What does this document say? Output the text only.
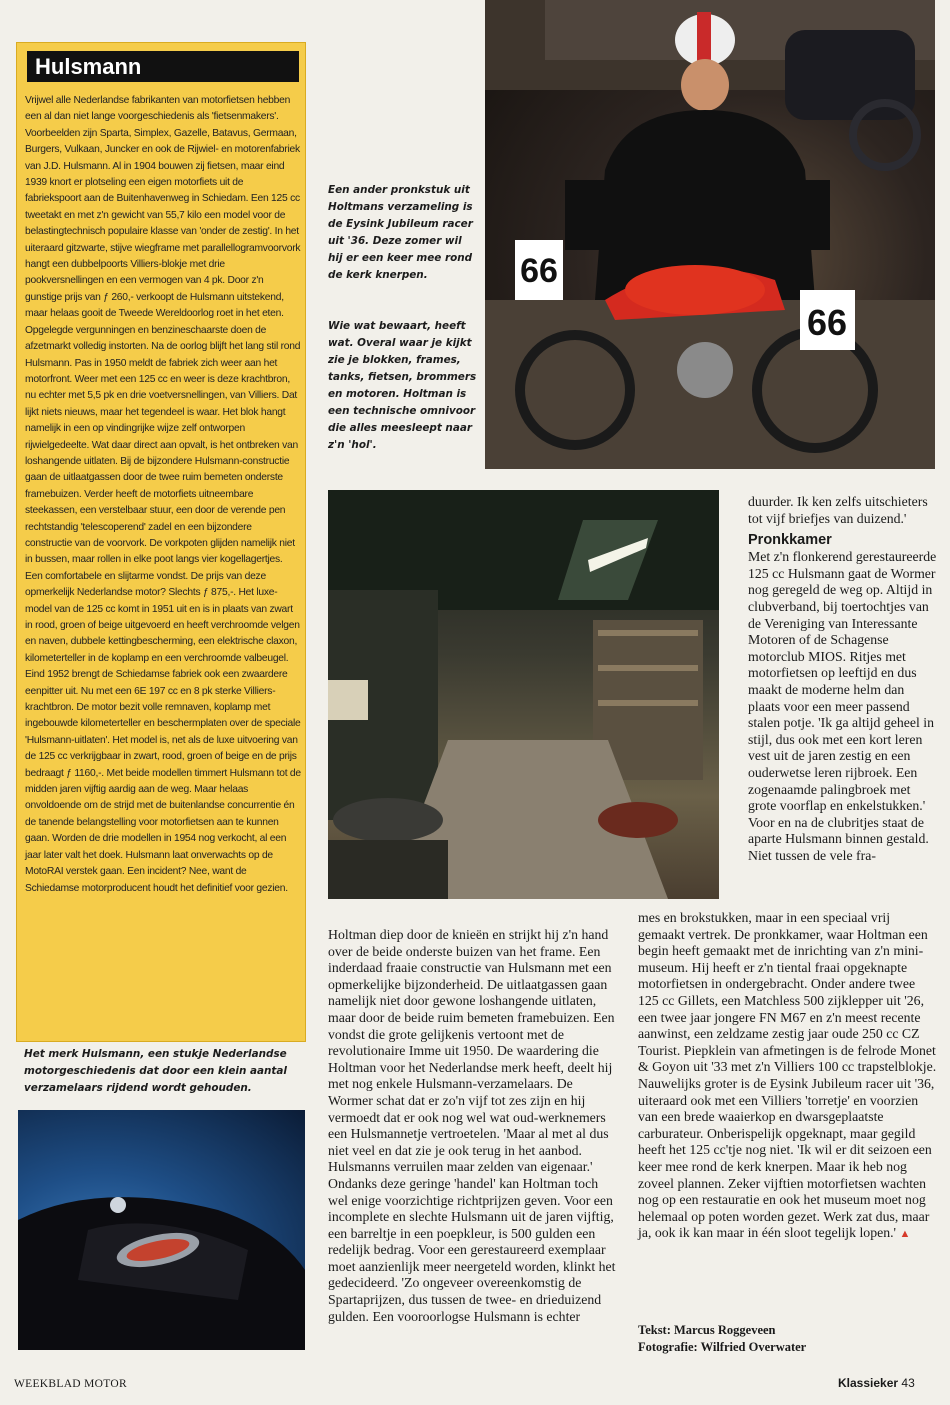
Hulsmann
Vrijwel alle Nederlandse fabrikanten van motorfietsen hebben een al dan niet lange voorgeschiedenis als 'fietsenmakers'. Voorbeelden zijn Sparta, Simplex, Gazelle, Batavus, Germaan, Burgers, Vulkaan, Juncker en ook de Rijwiel- en motorenfabriek van J.D. Hulsmann. Al in 1904 bouwen zij fietsen, maar eind 1939 knort er plotseling een eigen motorfiets uit de fabriekspoort aan de Buitenhavenweg in Schiedam. Een 125 cc tweetakt en met z'n gewicht van 55,7 kilo een model voor de belastingtechnisch populaire klasse van 'onder de zestig'. In het uiteraard gitzwarte, stijve wiegframe met parallellogramvoorvork hangt een dubbelpoorts Villiers-blokje met drie pookversnellingen en een vermogen van 4 pk. Door z'n gunstige prijs van ƒ 260,- verkoopt de Hulsmann uitstekend, maar helaas gooit de Tweede Wereldoorlog roet in het eten. Opgelegde vergunningen en benzineschaarste doen de afzetmarkt volledig instorten. Na de oorlog blijft het lang stil rond Hulsmann. Pas in 1950 meldt de fabriek zich weer aan het motorfront. Weer met een 125 cc en weer is deze krachtbron, nu echter met 5,5 pk en drie voetversnellingen, van Villiers. Dat lijkt niets nieuws, maar het tegendeel is waar. Het blok hangt namelijk in een op vindingrijke wijze zelf ontworpen rijwielgedeelte. Wat daar direct aan opvalt, is het ontbreken van loshangende uitlaten. Bij de bijzondere Hulsmann-constructie gaan de uitlaatgassen door de twee ruim bemeten onderste framebuizen. Verder heeft de motorfiets uitneembare steekassen, een verstelbaar stuur, een door de verende pen rechtstandig 'telescoperend' zadel en een bijzondere constructie van de voorvork. De vorkpoten glijden namelijk niet in bussen, maar rollen in elke poot langs vier kogellagertjes. Een comfortabele en slijtarme vondst. De prijs van deze opmerkelijk Nederlandse motor? Slechts ƒ 875,-. Het luxe-model van de 125 cc komt in 1951 uit en is in plaats van zwart in rood, groen of beige uitgevoerd en heeft verchroomde velgen en naven, dubbele kettingbescherming, een elektrische claxon, kilometerteller in de koplamp en een verchroomde valbeugel. Eind 1952 brengt de Schiedamse fabriek ook een zwaardere eenpitter uit. Nu met een 6E 197 cc en 8 pk sterke Villiers-krachtbron. De motor bezit volle remnaven, koplamp met ingebouwde kilometerteller en beschermplaten over de speciale 'Hulsmann-uitlaten'. Het model is, net als de luxe uitvoering van de 125 cc verkrijgbaar in zwart, rood, groen of beige en de prijs bedraagt ƒ 1160,-. Met beide modellen timmert Hulsmann tot de midden jaren vijftig aardig aan de weg. Maar helaas onvoldoende om de strijd met de buitenlandse concurrentie én de tanende belangstelling voor motorfietsen aan te kunnen gaan. Worden de drie modellen in 1954 nog verkocht, al een jaar later valt het doek. Hulsmann laat onverwachts op de MotoRAI verstek gaan. Een incident? Nee, want de Schiedamse motorproducent houdt het definitief voor gezien.
Het merk Hulsmann, een stukje Nederlandse motorgeschiedenis dat door een klein aantal verzamelaars rijdend wordt gehouden.
66
66
Een ander pronkstuk uit Holtmans verzameling is de Eysink Jubileum racer uit '36. Deze zomer wil hij er een keer mee rond de kerk knerpen.
Wie wat bewaart, heeft wat. Overal waar je kijkt zie je blokken, frames, tanks, fietsen, brommers en motoren. Holtman is een technische omnivoor die alles meesleept naar z'n 'hol'.
Holtman diep door de knieën en strijkt hij z'n hand over de beide onderste buizen van het frame. Een inderdaad fraaie constructie van Hulsmann met een opmerkelijke bijzonderheid. De uitlaatgassen gaan namelijk niet door gewone loshangende uitlaten, maar door de beide ruim bemeten framebuizen. Een vondst die grote gelijkenis vertoont met de revolutionaire Imme uit 1950. De waardering die Holtman voor het Nederlandse merk heeft, deelt hij met nog enkele Hulsmann-verzamelaars. De Wormer schat dat er zo'n vijf tot zes zijn en hij vermoedt dat er ook nog wel wat oud-werknemers een Hulsmannetje vertroetelen. 'Maar al met al dus niet veel en dat zie je ook terug in het aanbod. Hulsmanns verruilen maar zelden van eigenaar.' Ondanks deze geringe 'handel' kan Holtman toch wel enige voorzichtige richtprijzen geven. Voor een incomplete en slechte Hulsmann uit de jaren vijftig, een barreltje in een poepkleur, is 500 gulden een redelijk bedrag. Voor een gerestaureerd exemplaar moet aanzienlijk meer neergeteld worden, klinkt het gedecideerd. 'Zo ongeveer overeenkomstig de Spartaprijzen, dus tussen de twee- en drieduizend gulden. Een vooroorlogse Hulsmann is echter
duurder. Ik ken zelfs uitschieters tot vijf briefjes van duizend.'
Pronkkamer
Met z'n flonkerend gerestaureerde 125 cc Hulsmann gaat de Wormer nog geregeld de weg op. Altijd in clubverband, bij toertochtjes van de Vereniging van Interessante Motoren of de Schagense motorclub MIOS. Ritjes met motorfietsen op leeftijd en dus maakt de moderne helm dan plaats voor een meer passend stalen potje. 'Ik ga altijd geheel in stijl, dus ook met een kort leren vest uit de jaren zestig en een ouderwetse leren rijbroek. Een zogenaamde palingbroek met grote voorflap en enkelstukken.' Voor en na de clubritjes staat de aparte Hulsmann binnen gestald. Niet tussen de vele fra-
mes en brokstukken, maar in een speciaal vrij gemaakt vertrek. De pronkkamer, waar Holtman een begin heeft gemaakt met de inrichting van z'n mini-museum. Hij heeft er z'n tiental fraai opgeknapte motorfietsen in ondergebracht. Onder andere twee 125 cc Gillets, een Matchless 500 zijklepper uit '26, een twee jaar jongere FN M67 en z'n meest recente aanwinst, een zeldzame zestig jaar oude 250 cc CZ Tourist. Piepklein van afmetingen is de felrode Monet & Goyon uit '33 met z'n Villiers 100 cc trapstelblokje. Nauwelijks groter is de Eysink Jubileum racer uit '36, uiteraard ook met een Villiers 'torretje' en voorzien van een brede waaierkop en dwarsgeplaatste carburateur. Onberispelijk opgeknapt, maar gegild heeft het 125 cc'tje nog niet. 'Ik wil er dit seizoen een keer mee rond de kerk knerpen. Maar ik heb nog zoveel plannen. Zeker vijftien motorfietsen wachten nog op een restauratie en ook het museum moet nog helemaal op poten worden gezet. Werk zat dus, maar ja, ook ik kan maar in één sloot tegelijk lopen.' ▲
Tekst: Marcus Roggeveen
Fotografie: Wilfried Overwater
WEEKBLAD MOTOR	Klassieker 43
